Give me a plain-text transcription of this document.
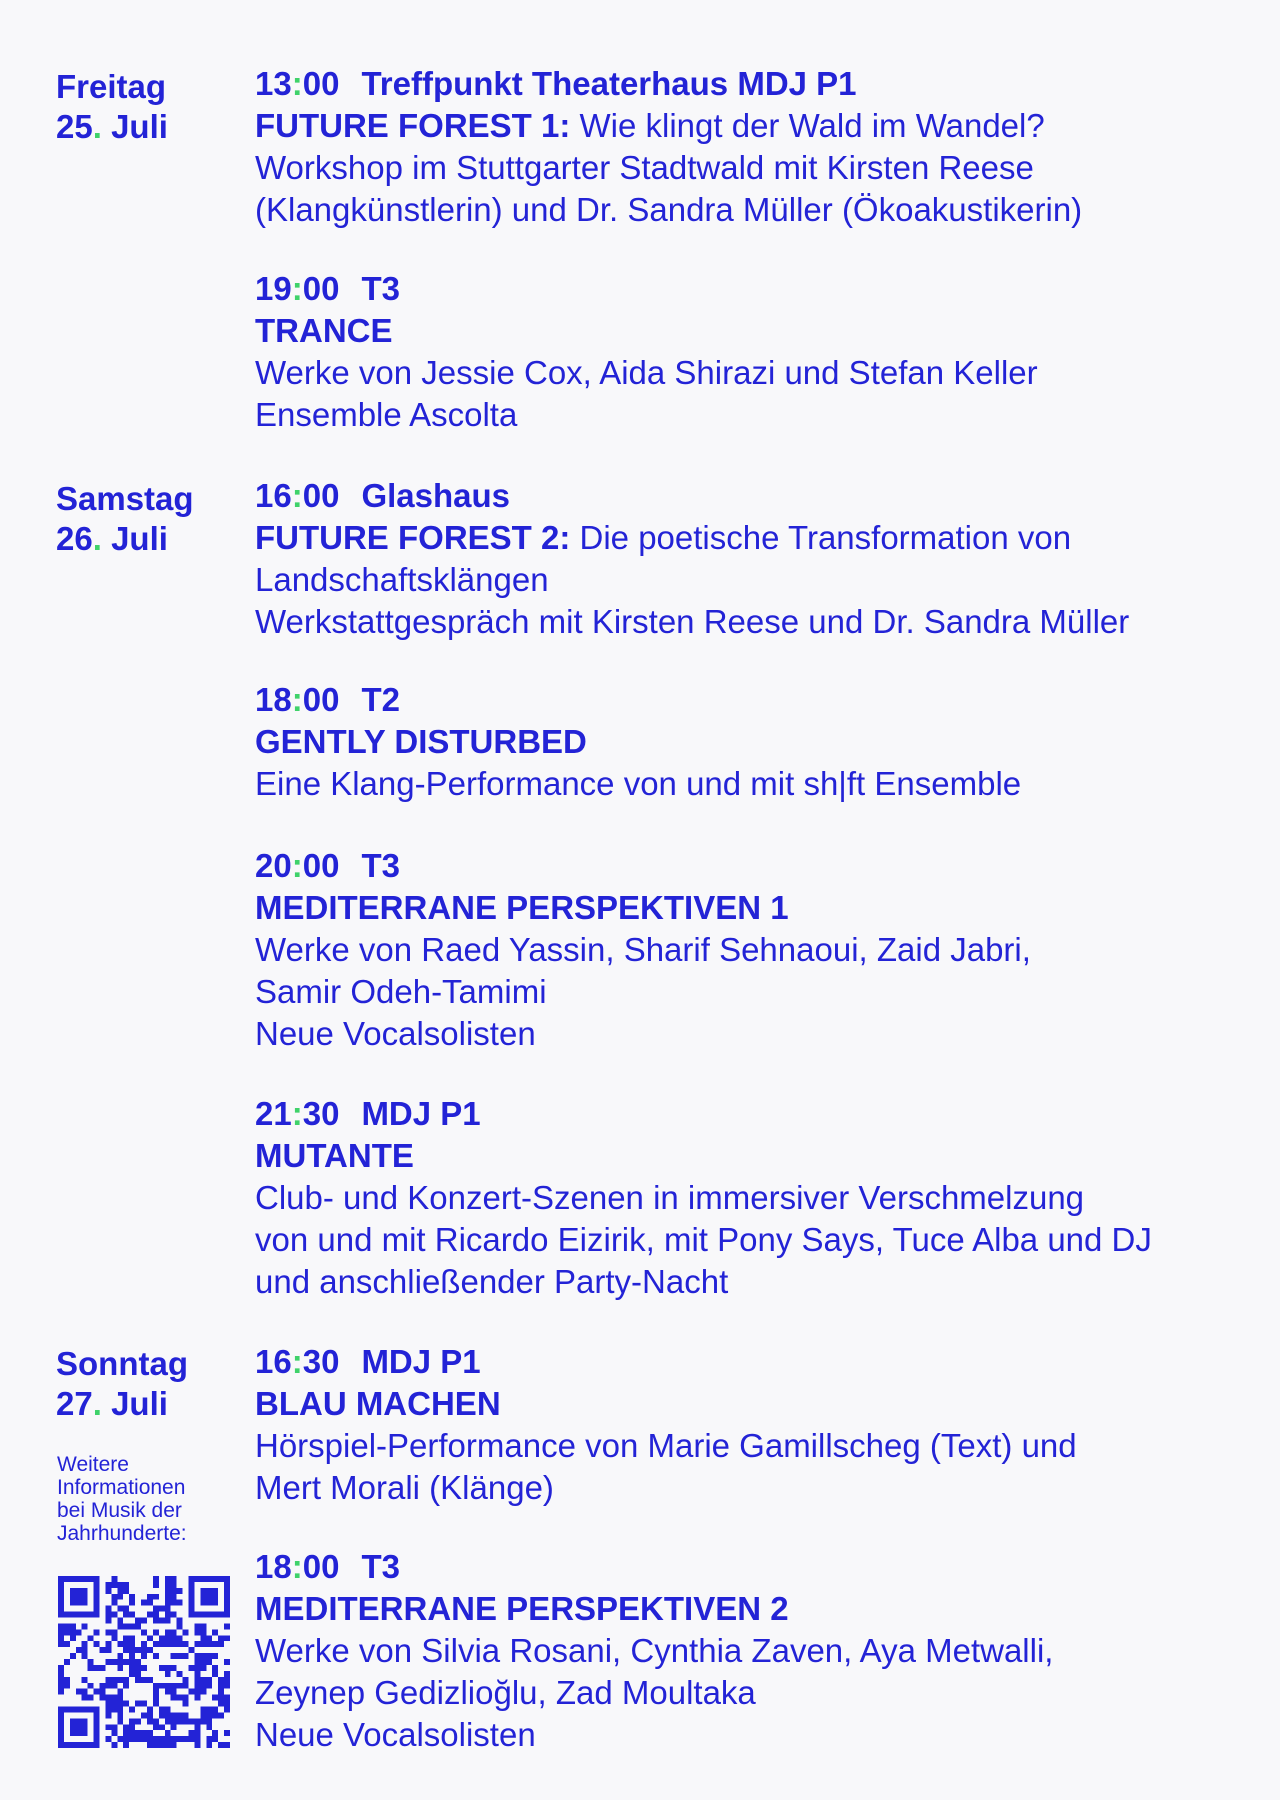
Freitag
25. Juli
Samstag
26. Juli
Sonntag
27. Juli
13:00 Treffpunkt Theaterhaus MDJ P1
FUTURE FOREST 1: Wie klingt der Wald im Wandel?
Workshop im Stuttgarter Stadtwald mit Kirsten Reese
(Klangkünstlerin) und Dr. Sandra Müller (Ökoakustikerin)
19:00 T3
TRANCE
Werke von Jessie Cox, Aida Shirazi und Stefan Keller
Ensemble Ascolta
16:00 Glashaus
FUTURE FOREST 2: Die poetische Transformation von Landschaftsklängen
Werkstattgespräch mit Kirsten Reese und Dr. Sandra Müller
18:00 T2
GENTLY DISTURBED
Eine Klang-Performance von und mit sh|ft Ensemble
20:00 T3
MEDITERRANE PERSPEKTIVEN 1
Werke von Raed Yassin, Sharif Sehnaoui, Zaid Jabri,
Samir Odeh-Tamimi
Neue Vocalsolisten
21:30 MDJ P1
MUTANTE
Club- und Konzert-Szenen in immersiver Verschmelzung
von und mit Ricardo Eizirik, mit Pony Says, Tuce Alba und DJ
und anschließender Party-Nacht
16:30 MDJ P1
BLAU MACHEN
Hörspiel-Performance von Marie Gamillscheg (Text) und
Mert Morali (Klänge)
18:00 T3
MEDITERRANE PERSPEKTIVEN 2
Werke von Silvia Rosani, Cynthia Zaven, Aya Metwalli,
Zeynep Gedizlioğlu, Zad Moultaka
Neue Vocalsolisten
Weitere
Informationen
bei Musik der
Jahrhunderte:
